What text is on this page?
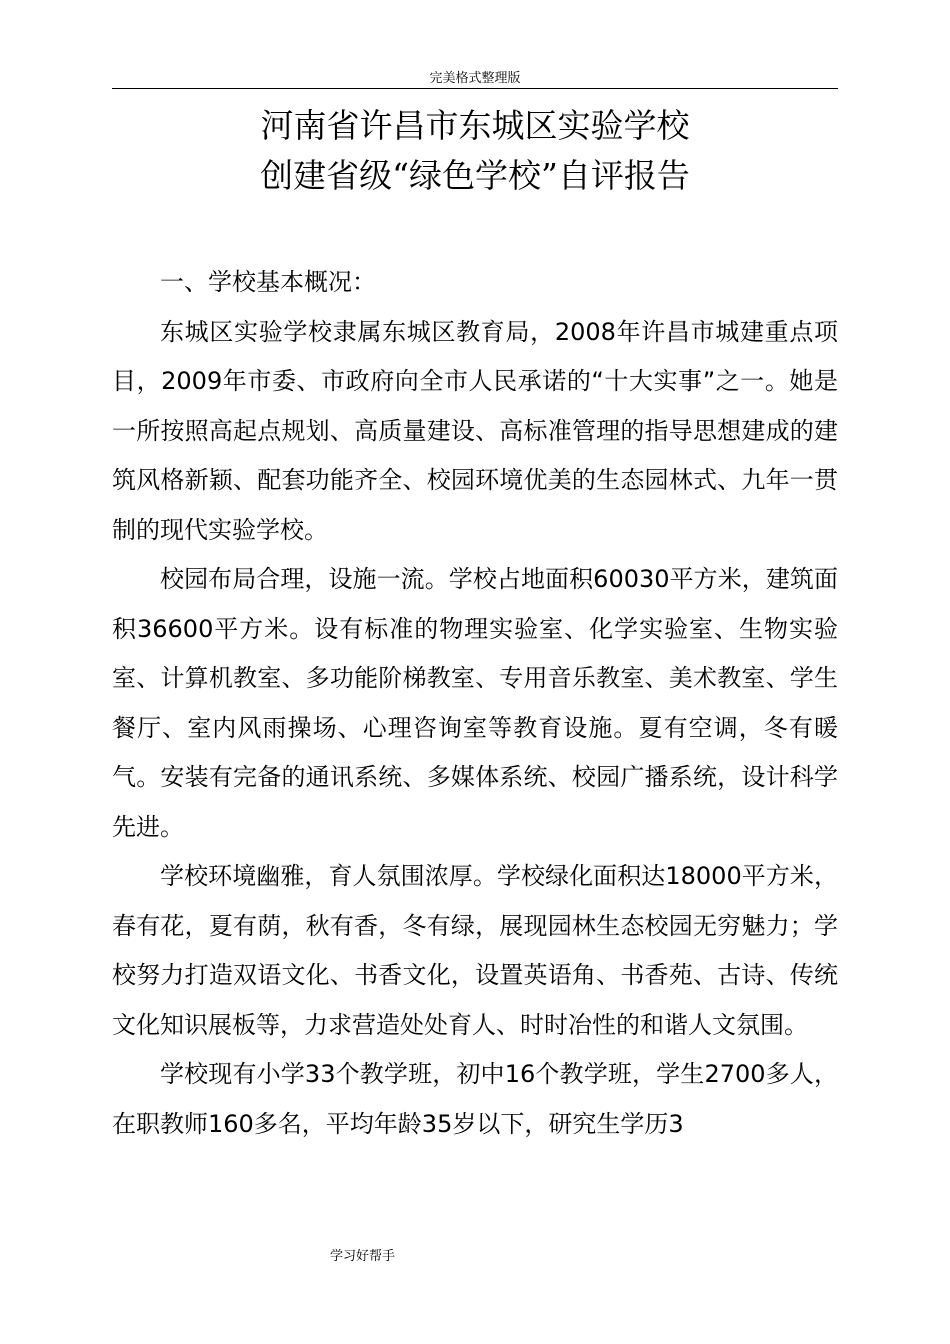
完美格式整理版
河南省许昌市东城区实验学校
创建省级“绿色学校”自评报告

一、学校基本概况：

东城区实验学校隶属东城区教育局，2008年许昌市城建重点项目，2009年市委、市政府向全市人民承诺的“十大实事”之一。她是一所按照高起点规划、高质量建设、高标准管理的指导思想建成的建筑风格新颖、配套功能齐全、校园环境优美的生态园林式、九年一贯制的现代实验学校。

校园布局合理，设施一流。学校占地面积60030平方米，建筑面积36600平方米。设有标准的物理实验室、化学实验室、生物实验室、计算机教室、多功能阶梯教室、专用音乐教室、美术教室、学生餐厅、室内风雨操场、心理咨询室等教育设施。夏有空调，冬有暖气。安装有完备的通讯系统、多媒体系统、校园广播系统，设计科学先进。

学校环境幽雅，育人氛围浓厚。学校绿化面积达18000平方米，春有花，夏有荫，秋有香，冬有绿，展现园林生态校园无穷魅力；学校努力打造双语文化、书香文化，设置英语角、书香苑、古诗、传统文化知识展板等，力求营造处处育人、时时冶性的和谐人文氛围。

学校现有小学33个教学班，初中16个教学班，学生2700多人，在职教师160多名，平均年龄35岁以下，研究生学历3

学习好帮手
